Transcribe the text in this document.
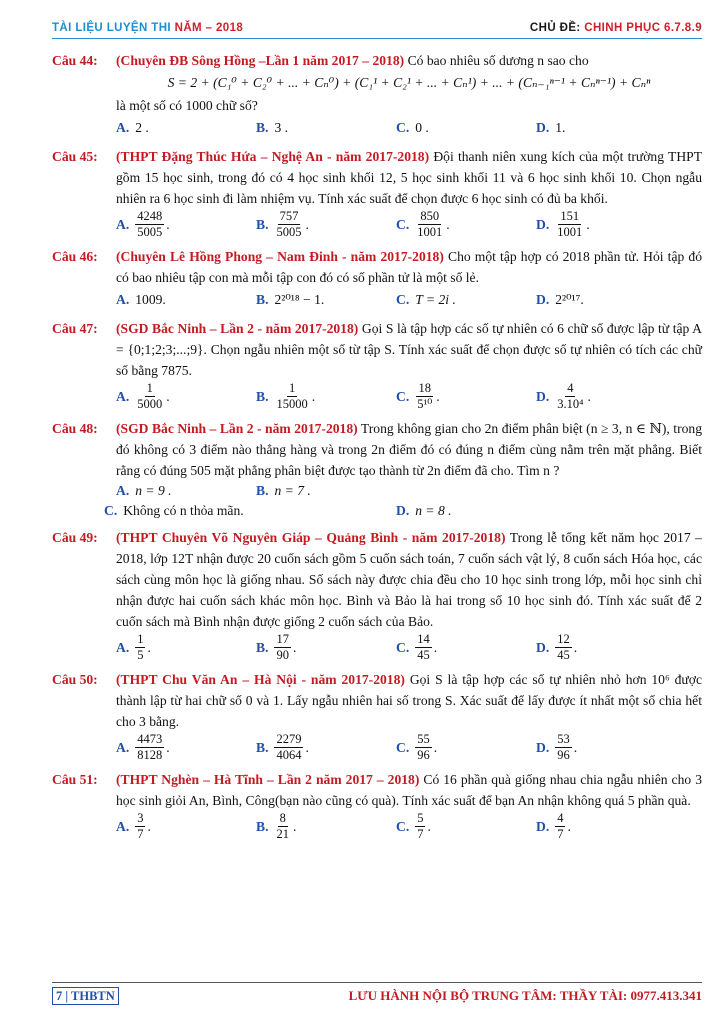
TÀI LIỆU LUYỆN THI NĂM – 2018	CHỦ ĐỀ: CHINH PHỤC 6.7.8.9
Câu 44:	(Chuyên ĐB Sông Hồng –Lần 1 năm 2017 – 2018) Có bao nhiêu số dương n sao cho
S = 2 + (C₁⁰ + C₂⁰ + ... + Cₙ⁰) + (C₁¹ + C₂¹ + ... + Cₙ¹) + ... + (Cₙ₋₁ⁿ⁻¹ + Cₙⁿ⁻¹) + Cₙⁿ
là một số có 1000 chữ số?
A. 2 .	B. 3 .	C. 0 .	D. 1.
Câu 45:	(THPT Đặng Thúc Hứa – Nghệ An - năm 2017-2018) Đội thanh niên xung kích của một trường THPT gồm 15 học sinh, trong đó có 4 học sinh khối 12, 5 học sinh khối 11 và 6 học sinh khối 10. Chọn ngẫu nhiên ra 6 học sinh đi làm nhiệm vụ. Tính xác suất để chọn được 6 học sinh có đủ ba khối.
A. $\frac{4248}{5005}$ .	B. $\frac{757}{5005}$ .	C. $\frac{850}{1001}$ .	D. $\frac{151}{1001}$ .
Câu 46:	(Chuyên Lê Hồng Phong – Nam Đinh - năm 2017-2018) Cho một tập hợp có 2018 phần tử. Hỏi tập đó có bao nhiêu tập con mà mỗi tập con đó có số phần tử là một số lẻ.
A. 1009.	B. 2²⁰¹⁸ − 1.	C. T = 2i .	D. 2²⁰¹⁷.
Câu 47:	(SGD Bắc Ninh – Lần 2 - năm 2017-2018) Gọi S là tập hợp các số tự nhiên có 6 chữ số được lập từ tập A = {0;1;2;3;...;9}. Chọn ngẫu nhiên một số từ tập S. Tính xác suất để chọn được số tự nhiên có tích các chữ số bằng 7875.
A. $\frac{1}{5000}$ .	B. $\frac{1}{15000}$ .	C. $\frac{18}{\text{5¹⁰}}$ .	D. $\frac{4}{\text{3.10⁴}}$ .
Câu 48:	(SGD Bắc Ninh – Lần 2 - năm 2017-2018) Trong không gian cho 2n điểm phân biệt (n ≥ 3, n ∈ ℕ), trong đó không có 3 điểm nào thẳng hàng và trong 2n điểm đó có đúng n điểm cùng nằm trên mặt phẳng. Biết rằng có đúng 505 mặt phẳng phân biệt được tạo thành từ 2n điểm đã cho. Tìm n ?
A. n = 9 .	B. n = 7 .
C. Không có n thỏa mãn.	D. n = 8 .
Câu 49:	(THPT Chuyên Võ Nguyên Giáp – Quảng Bình - năm 2017-2018) Trong lễ tổng kết năm học 2017 – 2018, lớp 12T nhận được 20 cuốn sách gồm 5 cuốn sách toán, 7 cuốn sách vật lý, 8 cuốn sách Hóa học, các sách cùng môn học là giống nhau. Số sách này được chia đều cho 10 học sinh trong lớp, mỗi học sinh chỉ nhận được hai cuốn sách khác môn học. Bình và Bảo là hai trong số 10 học sinh đó. Tính xác suất để 2 cuốn sách mà Bình nhận được giống 2 cuốn sách của Bảo.
A. $\frac{1}{5}$ .	B. $\frac{17}{90}$ .	C. $\frac{14}{45}$ .	D. $\frac{12}{45}$ .
Câu 50:	(THPT Chu Văn An – Hà Nội - năm 2017-2018) Gọi S là tập hợp các số tự nhiên nhỏ hơn 10⁶ được thành lập từ hai chữ số 0 và 1. Lấy ngẫu nhiên hai số trong S. Xác suất để lấy được ít nhất một số chia hết cho 3 bằng.
A. $\frac{4473}{8128}$ .	B. $\frac{2279}{4064}$ .	C. $\frac{55}{96}$ .	D. $\frac{53}{96}$ .
Câu 51:	(THPT Nghèn – Hà Tĩnh – Lần 2 năm 2017 – 2018) Có 16 phần quà giống nhau chia ngẫu nhiên cho 3 học sinh giỏi An, Bình, Công(bạn nào cũng có quà). Tính xác suất để bạn An nhận không quá 5 phần quà.
A. $\frac{3}{7}$ .	B. $\frac{8}{21}$ .	C. $\frac{5}{7}$ .	D. $\frac{4}{7}$ .
7 | THBTN	LƯU HÀNH NỘI BỘ TRUNG TÂM: THẦY TÀI: 0977.413.341
